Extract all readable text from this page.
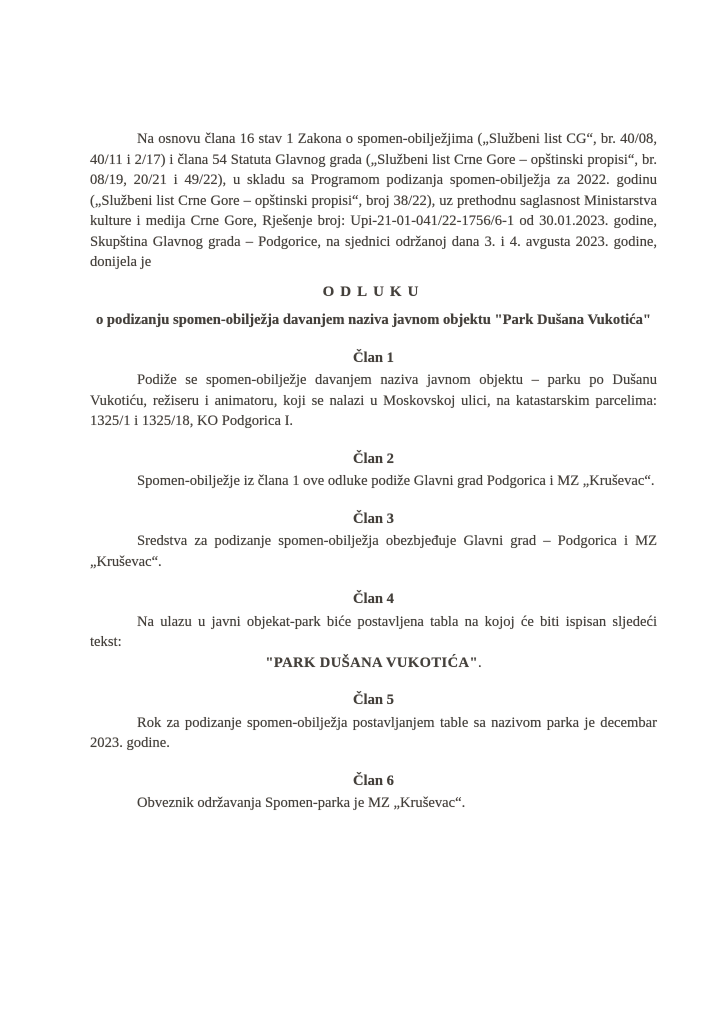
Na osnovu člana 16 stav 1 Zakona o spomen-obilježjima („Službeni list CG“, br. 40/08, 40/11 i 2/17) i člana 54 Statuta Glavnog grada („Službeni list Crne Gore – opštinski propisi“, br. 08/19, 20/21 i 49/22), u skladu sa Programom podizanja spomen-obilježja za 2022. godinu („Službeni list Crne Gore – opštinski propisi“, broj 38/22), uz prethodnu saglasnost Ministarstva kulture i medija Crne Gore, Rješenje broj: Upi-21-01-041/22-1756/6-1 od 30.01.2023. godine, Skupština Glavnog grada – Podgorice, na sjednici održanoj dana 3. i 4. avgusta 2023. godine, donijela je

ODLUKU

o podizanju spomen-obilježja davanjem naziva javnom objektu "Park Dušana Vukotića"

Član 1

Podiže se spomen-obilježje davanjem naziva javnom objektu – parku po Dušanu Vukotiću, režiseru i animatoru, koji se nalazi u Moskovskoj ulici, na katastarskim parcelima: 1325/1 i 1325/18, KO Podgorica I.

Član 2

Spomen-obilježje iz člana 1 ove odluke podiže Glavni grad Podgorica i MZ „Kruševac“.

Član 3

Sredstva za podizanje spomen-obilježja obezbjeđuje Glavni grad – Podgorica i MZ „Kruševac“.

Član 4

Na ulazu u javni objekat-park biće postavljena tabla na kojoj će biti ispisan sljedeći tekst:

"PARK DUŠANA VUKOTIĆA".

Član 5

Rok za podizanje spomen-obilježja postavljanjem table sa nazivom parka je decembar 2023. godine.

Član 6

Obveznik održavanja Spomen-parka je MZ „Kruševac“.
